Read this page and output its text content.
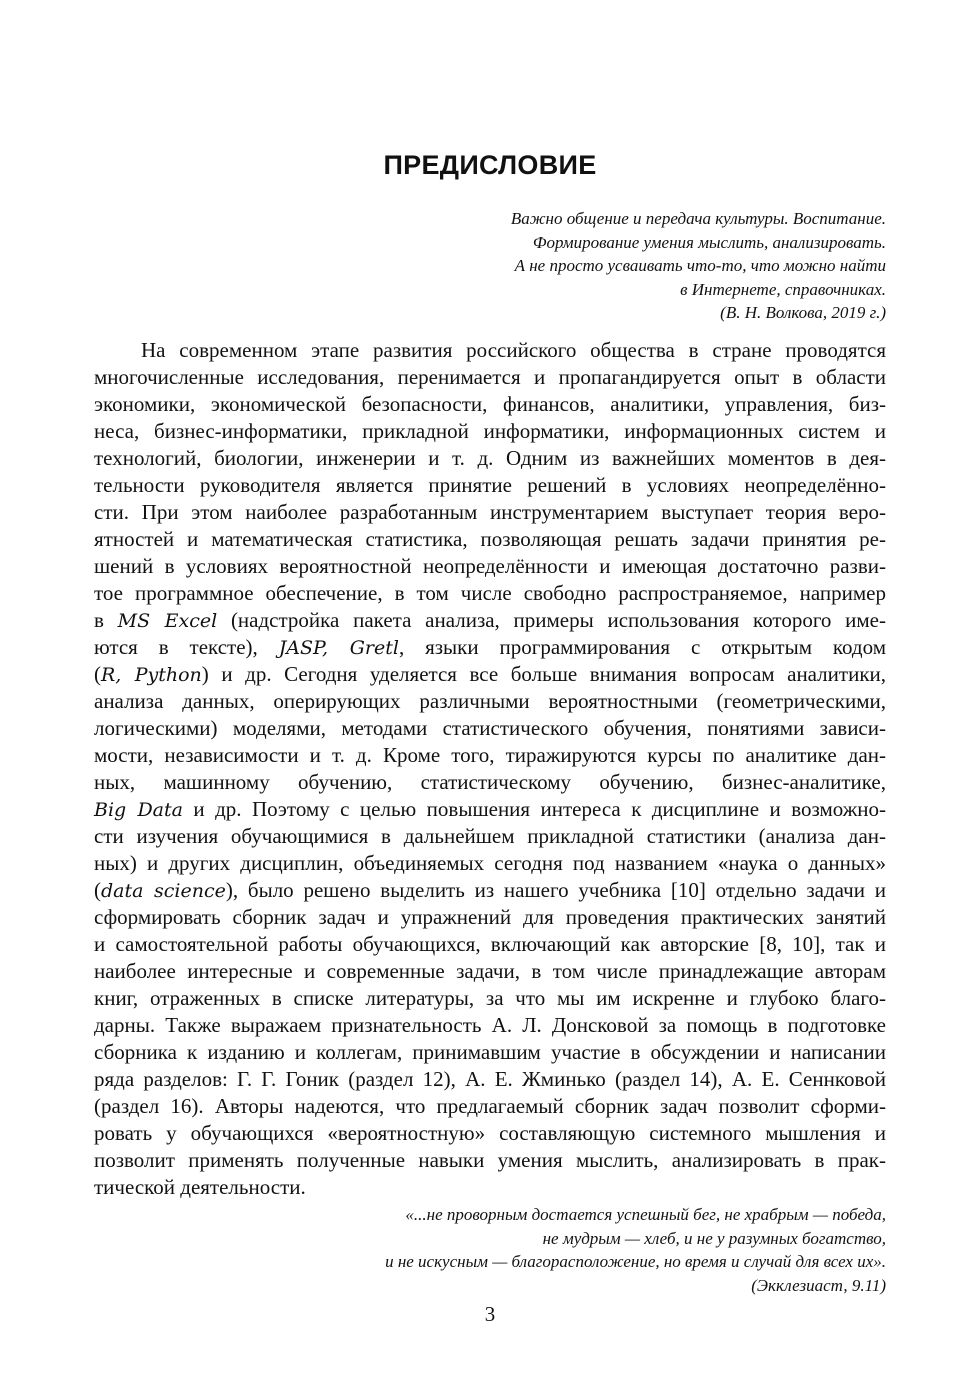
ПРЕДИСЛОВИЕ
Важно общение и передача культуры. Воспитание.
Формирование умения мыслить, анализировать.
А не просто усваивать что-то, что можно найти
в Интернете, справочниках.
(В. Н. Волкова, 2019 г.)
На современном этапе развития российского общества в стране проводятся
многочисленные исследования, перенимается и пропагандируется опыт в области
экономики, экономической безопасности, финансов, аналитики, управления, биз-
неса, бизнес-информатики, прикладной информатики, информационных систем и
технологий, биологии, инженерии и т. д. Одним из важнейших моментов в дея-
тельности руководителя является принятие решений в условиях неопределённо-
сти. При этом наиболее разработанным инструментарием выступает теория веро-
ятностей и математическая статистика, позволяющая решать задачи принятия ре-
шений в условиях вероятностной неопределённости и имеющая достаточно разви-
тое программное обеспечение, в том числе свободно распространяемое, например
в MS Excel (надстройка пакета анализа, примеры использования которого име-
ются в тексте), JASP, Gretl, языки программирования с открытым кодом
(R, Python) и др. Сегодня уделяется все больше внимания вопросам аналитики,
анализа данных, оперирующих различными вероятностными (геометрическими,
логическими) моделями, методами статистического обучения, понятиями зависи-
мости, независимости и т. д. Кроме того, тиражируются курсы по аналитике дан-
ных, машинному обучению, статистическому обучению, бизнес-аналитике,
Big Data и др. Поэтому с целью повышения интереса к дисциплине и возможно-
сти изучения обучающимися в дальнейшем прикладной статистики (анализа дан-
ных) и других дисциплин, объединяемых сегодня под названием «наука о данных»
(data science), было решено выделить из нашего учебника [10] отдельно задачи и
сформировать сборник задач и упражнений для проведения практических занятий
и самостоятельной работы обучающихся, включающий как авторские [8, 10], так и
наиболее интересные и современные задачи, в том числе принадлежащие авторам
книг, отраженных в списке литературы, за что мы им искренне и глубоко благо-
дарны. Также выражаем признательность А. Л. Донсковой за помощь в подготовке
сборника к изданию и коллегам, принимавшим участие в обсуждении и написании
ряда разделов: Г. Г. Гоник (раздел 12), А. Е. Жминько (раздел 14), А. Е. Сеннковой
(раздел 16). Авторы надеются, что предлагаемый сборник задач позволит сформи-
ровать у обучающихся «вероятностную» составляющую системного мышления и
позволит применять полученные навыки умения мыслить, анализировать в прак-
тической деятельности.
«...не проворным достается успешный бег, не храбрым — победа,
не мудрым — хлеб, и не у разумных богатство,
и не искусным — благорасположение, но время и случай для всех их».
(Экклезиаст, 9.11)
3
